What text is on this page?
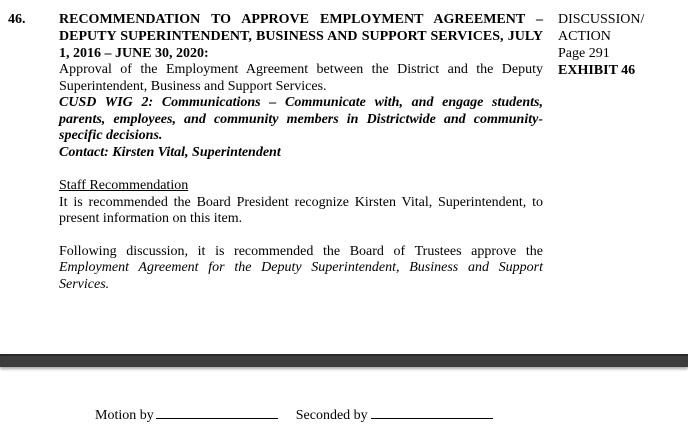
46. RECOMMENDATION TO APPROVE EMPLOYMENT AGREEMENT – DEPUTY SUPERINTENDENT, BUSINESS AND SUPPORT SERVICES, JULY 1, 2016 – JUNE 30, 2020:
Approval of the Employment Agreement between the District and the Deputy Superintendent, Business and Support Services.
CUSD WIG 2: Communications – Communicate with, and engage students, parents, employees, and community members in Districtwide and community-specific decisions.
Contact: Kirsten Vital, Superintendent
Staff Recommendation
It is recommended the Board President recognize Kirsten Vital, Superintendent, to present information on this item.
Following discussion, it is recommended the Board of Trustees approve the Employment Agreement for the Deputy Superintendent, Business and Support Services.
DISCUSSION/
ACTION
Page 291
EXHIBIT 46
Motion by	Seconded by
